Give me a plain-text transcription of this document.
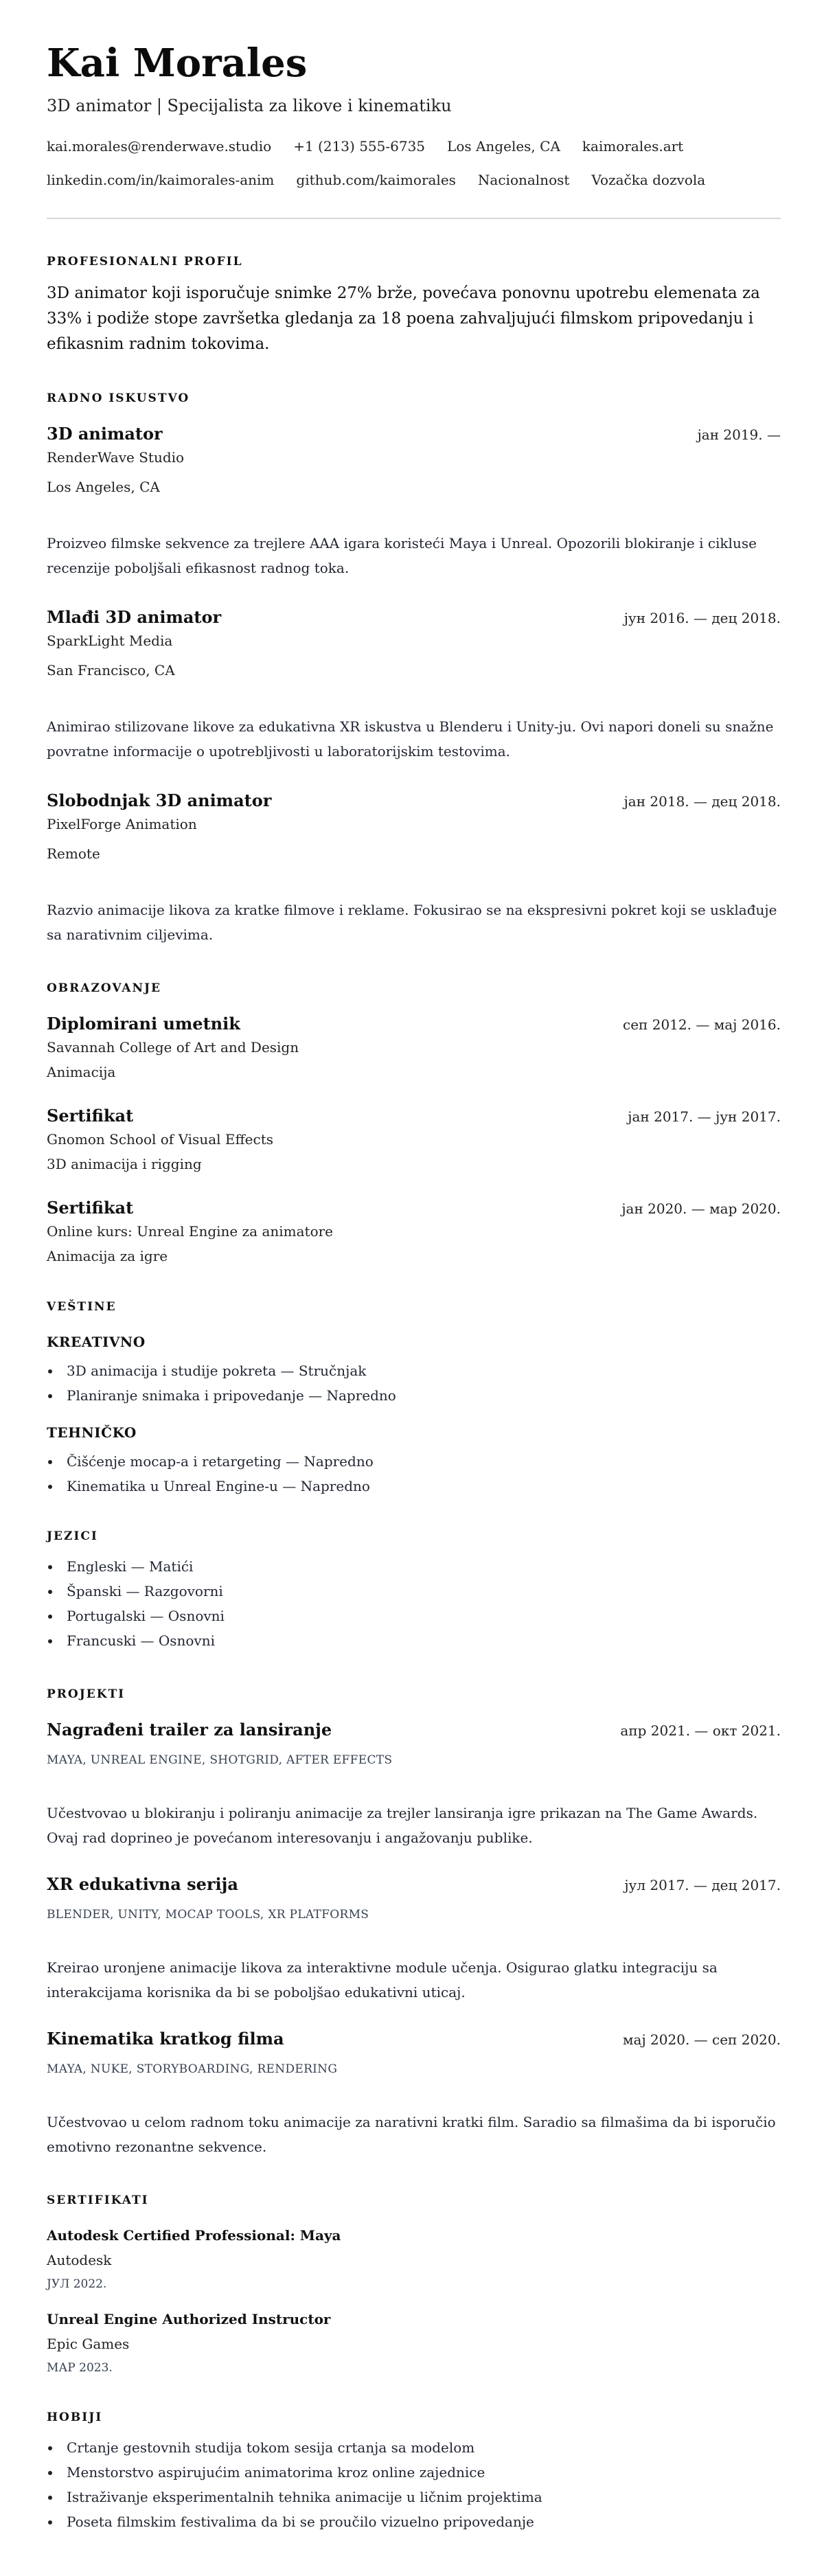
Kai Morales
3D animator | Specijalista za likove i kinematiku
kai.morales@renderwave.studio +1 (213) 555-6735 Los Angeles, CA kaimorales.art
linkedin.com/in/kaimorales-anim github.com/kaimorales Nacionalnost Vozačka dozvola
PROFESIONALNI PROFIL
3D animator koji isporučuje snimke 27% brže, povećava ponovnu upotrebu elemenata za 33% i podiže stope završetka gledanja za 18 poena zahvaljujući filmskom pripovedanju i efikasnim radnim tokovima.
RADNO ISKUSTVO
3D animator	јан 2019. —
RenderWave Studio
Los Angeles, CA
Proizveo filmske sekvence za trejlere AAA igara koristeći Maya i Unreal. Opozorili blokiranje i cikluse recenzije poboljšali efikasnost radnog toka.
Mlađi 3D animator	јун 2016. — дец 2018.
SparkLight Media
San Francisco, CA
Animirao stilizovane likove za edukativna XR iskustva u Blenderu i Unity-ju. Ovi napori doneli su snažne povratne informacije o upotrebljivosti u laboratorijskim testovima.
Slobodnjak 3D animator	јан 2018. — дец 2018.
PixelForge Animation
Remote
Razvio animacije likova za kratke filmove i reklame. Fokusirao se na ekspresivni pokret koji se usklađuje sa narativnim ciljevima.
OBRAZOVANJE
Diplomirani umetnik	сеп 2012. — мај 2016.
Savannah College of Art and Design
Animacija
Sertifikat	јан 2017. — јун 2017.
Gnomon School of Visual Effects
3D animacija i rigging
Sertifikat	јан 2020. — мар 2020.
Online kurs: Unreal Engine za animatore
Animacija za igre
VEŠTINE
KREATIVNO
3D animacija i studije pokreta — Stručnjak
Planiranje snimaka i pripovedanje — Napredno
TEHNIČKO
Čišćenje mocap-a i retargeting — Napredno
Kinematika u Unreal Engine-u — Napredno
JEZICI
Engleski — Matići
Španski — Razgovorni
Portugalski — Osnovni
Francuski — Osnovni
PROJEKTI
Nagrađeni trailer za lansiranje	апр 2021. — окт 2021.
MAYA, UNREAL ENGINE, SHOTGRID, AFTER EFFECTS
Učestvovao u blokiranju i poliranju animacije za trejler lansiranja igre prikazan na The Game Awards. Ovaj rad doprineo je povećanom interesovanju i angažovanju publike.
XR edukativna serija	јул 2017. — дец 2017.
BLENDER, UNITY, MOCAP TOOLS, XR PLATFORMS
Kreirao uronjene animacije likova za interaktivne module učenja. Osigurao glatku integraciju sa interakcijama korisnika da bi se poboljšao edukativni uticaj.
Kinematika kratkog filma	мај 2020. — сеп 2020.
MAYA, NUKE, STORYBOARDING, RENDERING
Učestvovao u celom radnom toku animacije za narativni kratki film. Saradio sa filmašima da bi isporučio emotivno rezonantne sekvence.
SERTIFIKATI
Autodesk Certified Professional: Maya
Autodesk
ЈУЛ 2022.
Unreal Engine Authorized Instructor
Epic Games
МАР 2023.
HOBIJI
Crtanje gestovnih studija tokom sesija crtanja sa modelom
Menstorstvo aspirujućim animatorima kroz online zajednice
Istraživanje eksperimentalnih tehnika animacije u ličnim projektima
Poseta filmskim festivalima da bi se proučilo vizuelno pripovedanje
